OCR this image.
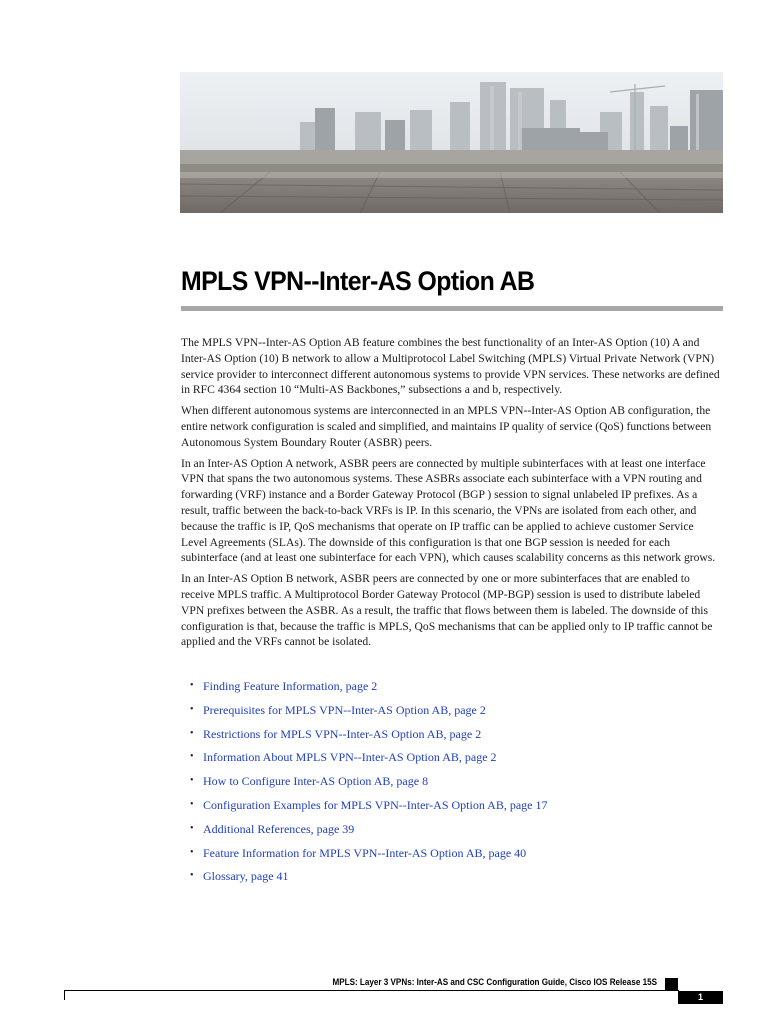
MPLS VPN--Inter-AS Option AB

The MPLS VPN--Inter-AS Option AB feature combines the best functionality of an Inter-AS Option (10) A and Inter-AS Option (10) B network to allow a Multiprotocol Label Switching (MPLS) Virtual Private Network (VPN) service provider to interconnect different autonomous systems to provide VPN services. These networks are defined in RFC 4364 section 10 “Multi-AS Backbones,” subsections a and b, respectively.

When different autonomous systems are interconnected in an MPLS VPN--Inter-AS Option AB configuration, the entire network configuration is scaled and simplified, and maintains IP quality of service (QoS) functions between Autonomous System Boundary Router (ASBR) peers.

In an Inter-AS Option A network, ASBR peers are connected by multiple subinterfaces with at least one interface VPN that spans the two autonomous systems. These ASBRs associate each subinterface with a VPN routing and forwarding (VRF) instance and a Border Gateway Protocol (BGP ) session to signal unlabeled IP prefixes. As a result, traffic between the back-to-back VRFs is IP. In this scenario, the VPNs are isolated from each other, and because the traffic is IP, QoS mechanisms that operate on IP traffic can be applied to achieve customer Service Level Agreements (SLAs). The downside of this configuration is that one BGP session is needed for each subinterface (and at least one subinterface for each VPN), which causes scalability concerns as this network grows.

In an Inter-AS Option B network, ASBR peers are connected by one or more subinterfaces that are enabled to receive MPLS traffic. A Multiprotocol Border Gateway Protocol (MP-BGP) session is used to distribute labeled VPN prefixes between the ASBR. As a result, the traffic that flows between them is labeled. The downside of this configuration is that, because the traffic is MPLS, QoS mechanisms that can be applied only to IP traffic cannot be applied and the VRFs cannot be isolated.

• Finding Feature Information, page 2
• Prerequisites for MPLS VPN--Inter-AS Option AB, page 2
• Restrictions for MPLS VPN--Inter-AS Option AB, page 2
• Information About MPLS VPN--Inter-AS Option AB, page 2
• How to Configure Inter-AS Option AB, page 8
• Configuration Examples for MPLS VPN--Inter-AS Option AB, page 17
• Additional References, page 39
• Feature Information for MPLS VPN--Inter-AS Option AB, page 40
• Glossary, page 41
MPLS: Layer 3 VPNs: Inter-AS and CSC Configuration Guide, Cisco IOS Release 15S
1
